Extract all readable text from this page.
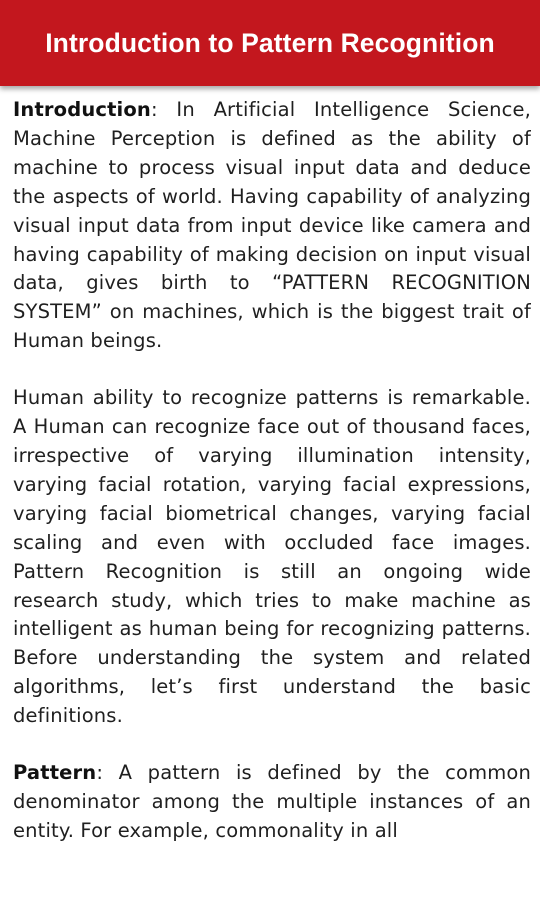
Introduction to Pattern Recognition

Introduction: In Artificial Intelligence Science, Machine Perception is defined as the ability of machine to process visual input data and deduce the aspects of world. Having capability of analyzing visual input data from input device like camera and having capability of making decision on input visual data, gives birth to “PATTERN RECOGNITION SYSTEM” on machines, which is the biggest trait of Human beings.

Human ability to recognize patterns is remarkable. A Human can recognize face out of thousand faces, irrespective of varying illumination intensity, varying facial rotation, varying facial expressions, varying facial biometrical changes, varying facial scaling and even with occluded face images. Pattern Recognition is still an ongoing wide research study, which tries to make machine as intelligent as human being for recognizing patterns. Before understanding the system and related algorithms, let’s first understand the basic definitions.

Pattern: A pattern is defined by the common denominator among the multiple instances of an entity. For example, commonality in all
